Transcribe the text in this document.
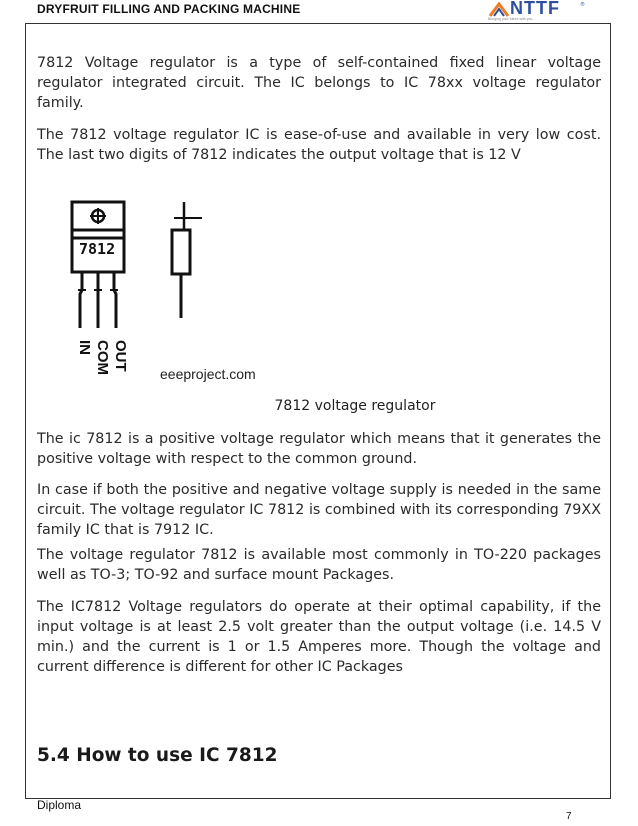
DRYFRUIT FILLING AND PACKING MACHINE	NTTF	®
Bringing your future with you...

7812 Voltage regulator is a type of self-contained fixed linear voltage regulator integrated circuit. The IC belongs to IC 78xx voltage regulator family.

The 7812 voltage regulator IC is ease-of-use and available in very low cost. The last two digits of 7812 indicates the output voltage that is 12 V

7812
IN COM OUT
eeeproject.com
7812 voltage regulator

The ic 7812 is a positive voltage regulator which means that it generates the positive voltage with respect to the common ground.

In case if both the positive and negative voltage supply is needed in the same circuit. The voltage regulator IC 7812 is combined with its corresponding 79XX family IC that is 7912 IC.

The voltage regulator 7812 is available most commonly in TO-220 packages well as TO-3; TO-92 and surface mount Packages.

The IC7812 Voltage regulators do operate at their optimal capability, if the input voltage is at least 2.5 volt greater than the output voltage (i.e. 14.5 V min.) and the current is 1 or 1.5 Amperes more. Though the voltage and current difference is different for other IC Packages

5.4 How to use IC 7812
Diploma
7
